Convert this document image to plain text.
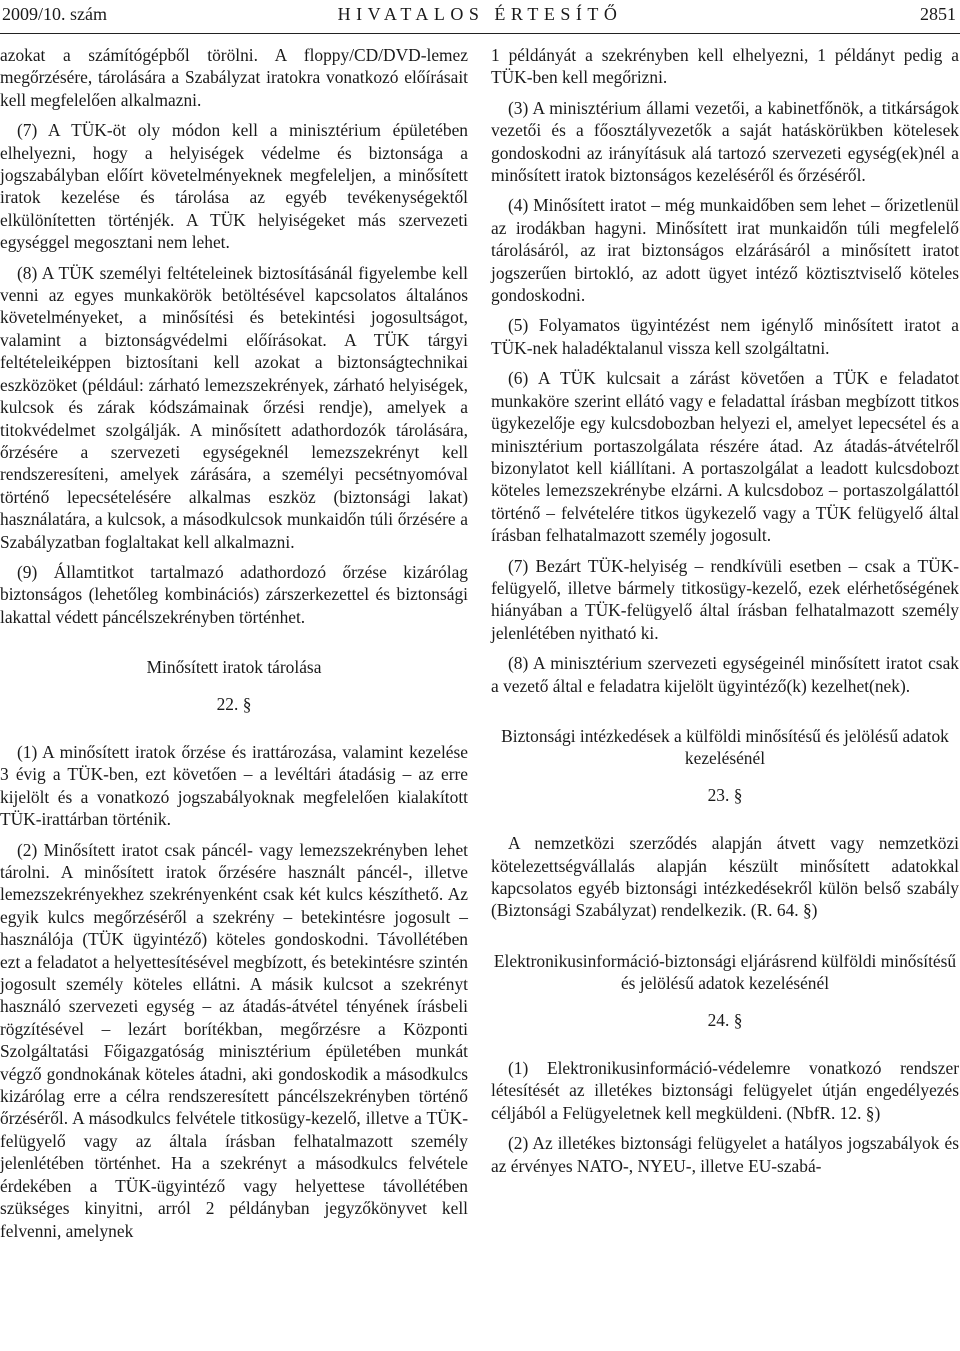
2009/10. szám	HIVATALOS ÉRTESÍTŐ	2851

azokat a számítógépből törölni. A floppy/CD/DVD-lemez megőrzésére, tárolására a Szabályzat iratokra vonatkozó előírásait kell megfelelően alkalmazni.

(7) A TÜK-öt oly módon kell a minisztérium épületében elhelyezni, hogy a helyiségek védelme és biztonsága a jogszabályban előírt követelményeknek megfeleljen, a minősített iratok kezelése és tárolása az egyéb tevékenységektől elkülönítetten történjék. A TÜK helyiségeket más szervezeti egységgel megosztani nem lehet.

(8) A TÜK személyi feltételeinek biztosításánál figyelembe kell venni az egyes munkakörök betöltésével kapcsolatos általános követelményeket, a minősítési és betekintési jogosultságot, valamint a biztonságvédelmi előírásokat. A TÜK tárgyi feltételeiképpen biztosítani kell azokat a biztonságtechnikai eszközöket (például: zárható lemezszekrények, zárható helyiségek, kulcsok és zárak kódszámainak őrzési rendje), amelyek a titokvédelmet szolgálják. A minősített adathordozók tárolására, őrzésére a szervezeti egységeknél lemezszekrényt kell rendszeresíteni, amelyek zárására, a személyi pecsétnyomóval történő lepecsételésére alkalmas eszköz (biztonsági lakat) használatára, a kulcsok, a másodkulcsok munkaidőn túli őrzésére a Szabályzatban foglaltakat kell alkalmazni.

(9) Államtitkot tartalmazó adathordozó őrzése kizárólag biztonságos (lehetőleg kombinációs) zárszerkezettel és biztonsági lakattal védett páncélszekrényben történhet.

Minősített iratok tárolása

22. §

(1) A minősített iratok őrzése és irattározása, valamint kezelése 3 évig a TÜK-ben, ezt követően – a levéltári átadásig – az erre kijelölt és a vonatkozó jogszabályoknak megfelelően kialakított TÜK-irattárban történik.

(2) Minősített iratot csak páncél- vagy lemezszekrényben lehet tárolni. A minősített iratok őrzésére használt páncél-, illetve lemezszekrényekhez szekrényenként csak két kulcs készíthető. Az egyik kulcs megőrzéséről a szekrény – betekintésre jogosult – használója (TÜK ügyintéző) köteles gondoskodni. Távollétében ezt a feladatot a helyettesítésével megbízott, és betekintésre szintén jogosult személy köteles ellátni. A másik kulcsot a szekrényt használó szervezeti egység – az átadás-átvétel tényének írásbeli rögzítésével – lezárt borítékban, megőrzésre a Központi Szolgáltatási Főigazgatóság minisztérium épületében munkát végző gondnokának köteles átadni, aki gondoskodik a másodkulcs kizárólag erre a célra rendszeresített páncélszekrényben történő őrzéséről. A másodkulcs felvétele titkosügy-kezelő, illetve a TÜK-felügyelő vagy az általa írásban felhatalmazott személy jelenlétében történhet. Ha a szekrényt a másodkulcs felvétele érdekében a TÜK-ügyintéző vagy helyettese távollétében szükséges kinyitni, arról 2 példányban jegyzőkönyvet kell felvenni, amelynek

1 példányát a szekrényben kell elhelyezni, 1 példányt pedig a TÜK-ben kell megőrizni.

(3) A minisztérium állami vezetői, a kabinetfőnök, a titkárságok vezetői és a főosztályvezetők a saját hatáskörükben kötelesek gondoskodni az irányításuk alá tartozó szervezeti egység(ek)nél a minősített iratok biztonságos kezeléséről és őrzéséről.

(4) Minősített iratot – még munkaidőben sem lehet – őrizetlenül az irodákban hagyni. Minősített irat munkaidőn túli megfelelő tárolásáról, az irat biztonságos elzárásáról a minősített iratot jogszerűen birtokló, az adott ügyet intéző köztisztviselő köteles gondoskodni.

(5) Folyamatos ügyintézést nem igénylő minősített iratot a TÜK-nek haladéktalanul vissza kell szolgáltatni.

(6) A TÜK kulcsait a zárást követően a TÜK e feladatot munkaköre szerint ellátó vagy e feladattal írásban megbízott titkos ügykezelője egy kulcsdobozban helyezi el, amelyet lepecsétel és a minisztérium portaszolgálata részére átad. Az átadás-átvételről bizonylatot kell kiállítani. A portaszolgálat a leadott kulcsdobozt köteles lemezszekrénybe elzárni. A kulcsdoboz – portaszolgálattól történő – felvételére titkos ügykezelő vagy a TÜK felügyelő által írásban felhatalmazott személy jogosult.

(7) Bezárt TÜK-helyiség – rendkívüli esetben – csak a TÜK-felügyelő, illetve bármely titkosügy-kezelő, ezek elérhetőségének hiányában a TÜK-felügyelő által írásban felhatalmazott személy jelenlétében nyitható ki.

(8) A minisztérium szervezeti egységeinél minősített iratot csak a vezető által e feladatra kijelölt ügyintéző(k) kezelhet(nek).

Biztonsági intézkedések a külföldi minősítésű és jelölésű adatok kezelésénél

23. §

A nemzetközi szerződés alapján átvett vagy nemzetközi kötelezettségvállalás alapján készült minősített adatokkal kapcsolatos egyéb biztonsági intézkedésekről külön belső szabály (Biztonsági Szabályzat) rendelkezik. (R. 64. §)

Elektronikusinformáció-biztonsági eljárásrend külföldi minősítésű és jelölésű adatok kezelésénél

24. §

(1) Elektronikusinformáció-védelemre vonatkozó rendszer létesítését az illetékes biztonsági felügyelet útján engedélyezés céljából a Felügyeletnek kell megküldeni. (NbfR. 12. §)

(2) Az illetékes biztonsági felügyelet a hatályos jogszabályok és az érvényes NATO-, NYEU-, illetve EU-szabá-
